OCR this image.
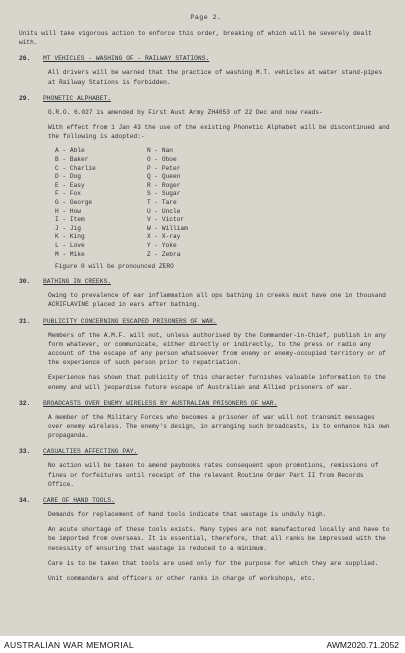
Page 2.

Units will take vigorous action to enforce this order, breaking of which will be severely dealt with.

26. MT VEHICLES - WASHING OF - RAILWAY STATIONS.

All drivers will be warned that the practice of washing M.T. vehicles at water stand-pipes at Railway Stations is forbidden.

29. PHONETIC ALPHABET.

G.R.O. 6.027 is amended by First Aust Army ZH4053 of 22 Dec and now reads-

With effect from 1 Jan 43 the use of the existing Phonetic Alphabet will be discontinued and the following is adopted:-

A - Able	N - Nan
B - Baker	O - Oboe
C - Charlie	P - Peter
D - Dog	Q - Queen
E - Easy	R - Roger
F - Fox	S - Sugar
G - George	T - Tare
H - How	U - Uncle
I - Item	V - Victor
J - Jig	W - William
K - King	X - X-ray
L - Love	Y - Yoke
M - Mike	Z - Zebra
Figure 0 will be pronounced ZERO
30. BATHING IN CREEKS.

Owing to prevalence of ear inflammation all ops bathing in creeks must have one in thousand ACRIFLAVINE placed in ears after bathing.

31. PUBLICITY CONCERNING ESCAPED PRISONERS OF WAR.

Members of the A.M.F. will not, unless authorised by the Commander-in-Chief, publish in any form whatever, or communicate, either directly or indirectly, to the press or radio any account of the escape of any person whatsoever from enemy or enemy-occupied territory or of the experience of such person prior to repatriation.

Experience has shown that publicity of this character furnishes valuable information to the enemy and will jeopardise future escape of Australian and Allied prisoners of war.

32. BROADCASTS OVER ENEMY WIRELESS BY AUSTRALIAN PRISONERS OF WAR.

A member of the Military Forces who becomes a prisoner of war will not transmit messages over enemy wireless. The enemy's design, in arranging such broadcasts, is to enhance his own propaganda.

33. CASUALTIES AFFECTING PAY.

No action will be taken to amend paybooks rates consequent upon promotions, remissions of fines or forfeitures until receipt of the relevant Routine Order Part II from Records Office.

34. CARE OF HAND TOOLS.

Demands for replacement of hand tools indicate that wastage is unduly high.

An acute shortage of these tools exists. Many types are not manufactured locally and have to be imported from overseas. It is essential, therefore, that all ranks be impressed with the necessity of ensuring that wastage is reduced to a minimum.

Care is to be taken that tools are used only for the purpose for which they are supplied.

Unit commanders and officers or other ranks in charge of workshops, etc.

AUSTRALIAN WAR MEMORIAL	AWM2020.71.2052
